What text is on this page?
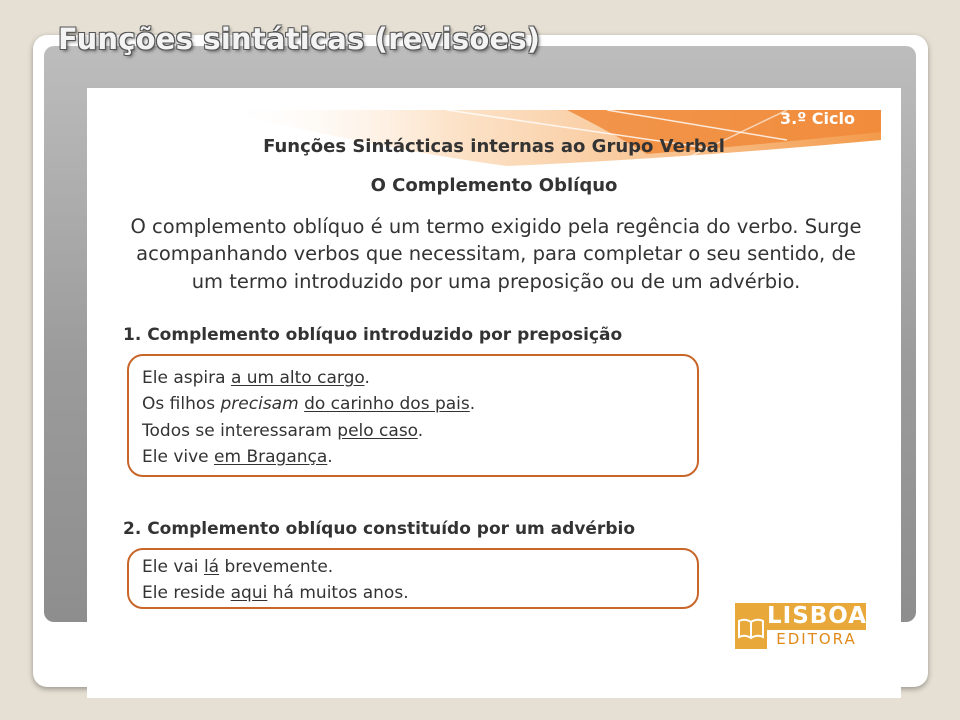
Funções sintáticas (revisões)
3.º Ciclo
Funções Sintácticas internas ao Grupo Verbal
O Complemento Oblíquo

O complemento oblíquo é um termo exigido pela regência do verbo. Surge
acompanhando verbos que necessitam, para completar o seu sentido, de
um termo introduzido por uma preposição ou de um advérbio.

1. Complemento oblíquo introduzido por preposição

Ele aspira a um alto cargo.

Os filhos precisam do carinho dos pais.

Todos se interessaram pelo caso.

Ele vive em Bragança.

2. Complemento oblíquo constituído por um advérbio

Ele vai lá brevemente.

Ele reside aqui há muitos anos.

LISBOA
EDITORA
